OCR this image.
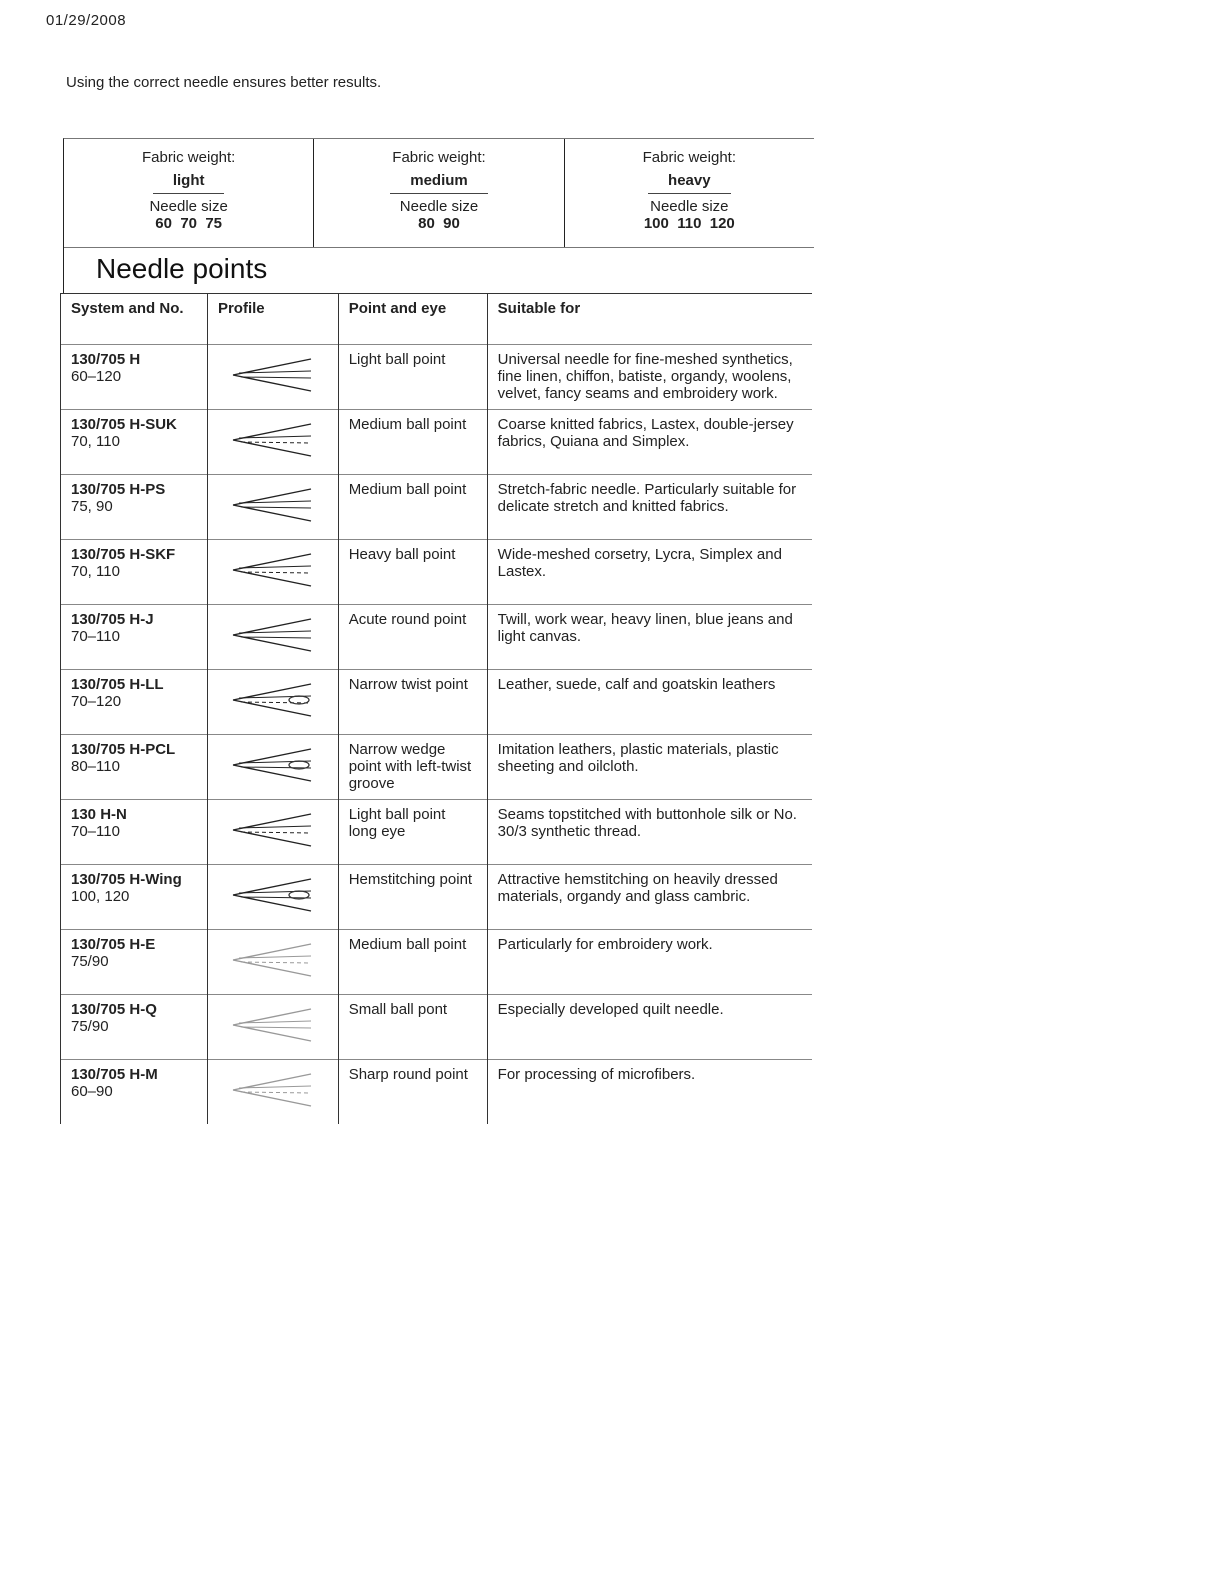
01/29/2008
Using the correct needle ensures better results.
Fabric weight:
light
Needle size
60  70  75
Fabric weight:
medium
Needle size
80  90
Fabric weight:
heavy
Needle size
100  110  120
Needle points
System and No.	Profile	Point and eye	Suitable for

130/705 H
60–120		Light ball point	Universal needle for fine-meshed synthetics, fine linen, chiffon, batiste, organdy, woolens, velvet, fancy seams and embroidery work.

130/705 H-SUK
70, 110		Medium ball point	Coarse knitted fabrics, Lastex, double-jersey fabrics, Quiana and Simplex.

130/705 H-PS
75, 90		Medium ball point	Stretch-fabric needle. Particularly suitable for delicate stretch and knitted fabrics.

130/705 H-SKF
70, 110		Heavy ball point	Wide-meshed corsetry, Lycra, Simplex and Lastex.

130/705 H-J
70–110		Acute round point	Twill, work wear, heavy linen, blue jeans and light canvas.

130/705 H-LL
70–120		Narrow twist point	Leather, suede, calf and goatskin leathers

130/705 H-PCL
80–110		Narrow wedge point with left-twist groove	Imitation leathers, plastic materials, plastic sheeting and oilcloth.

130 H-N
70–110		Light ball point long eye	Seams topstitched with buttonhole silk or No. 30/3 synthetic thread.

130/705 H-Wing
100, 120		Hemstitching point	Attractive hemstitching on heavily dressed materials, organdy and glass cambric.

130/705 H-E
75/90		Medium ball point	Particularly for embroidery work.

130/705 H-Q
75/90		Small ball pont	Especially developed quilt needle.

130/705 H-M
60–90		Sharp round point	For processing of microfibers.
